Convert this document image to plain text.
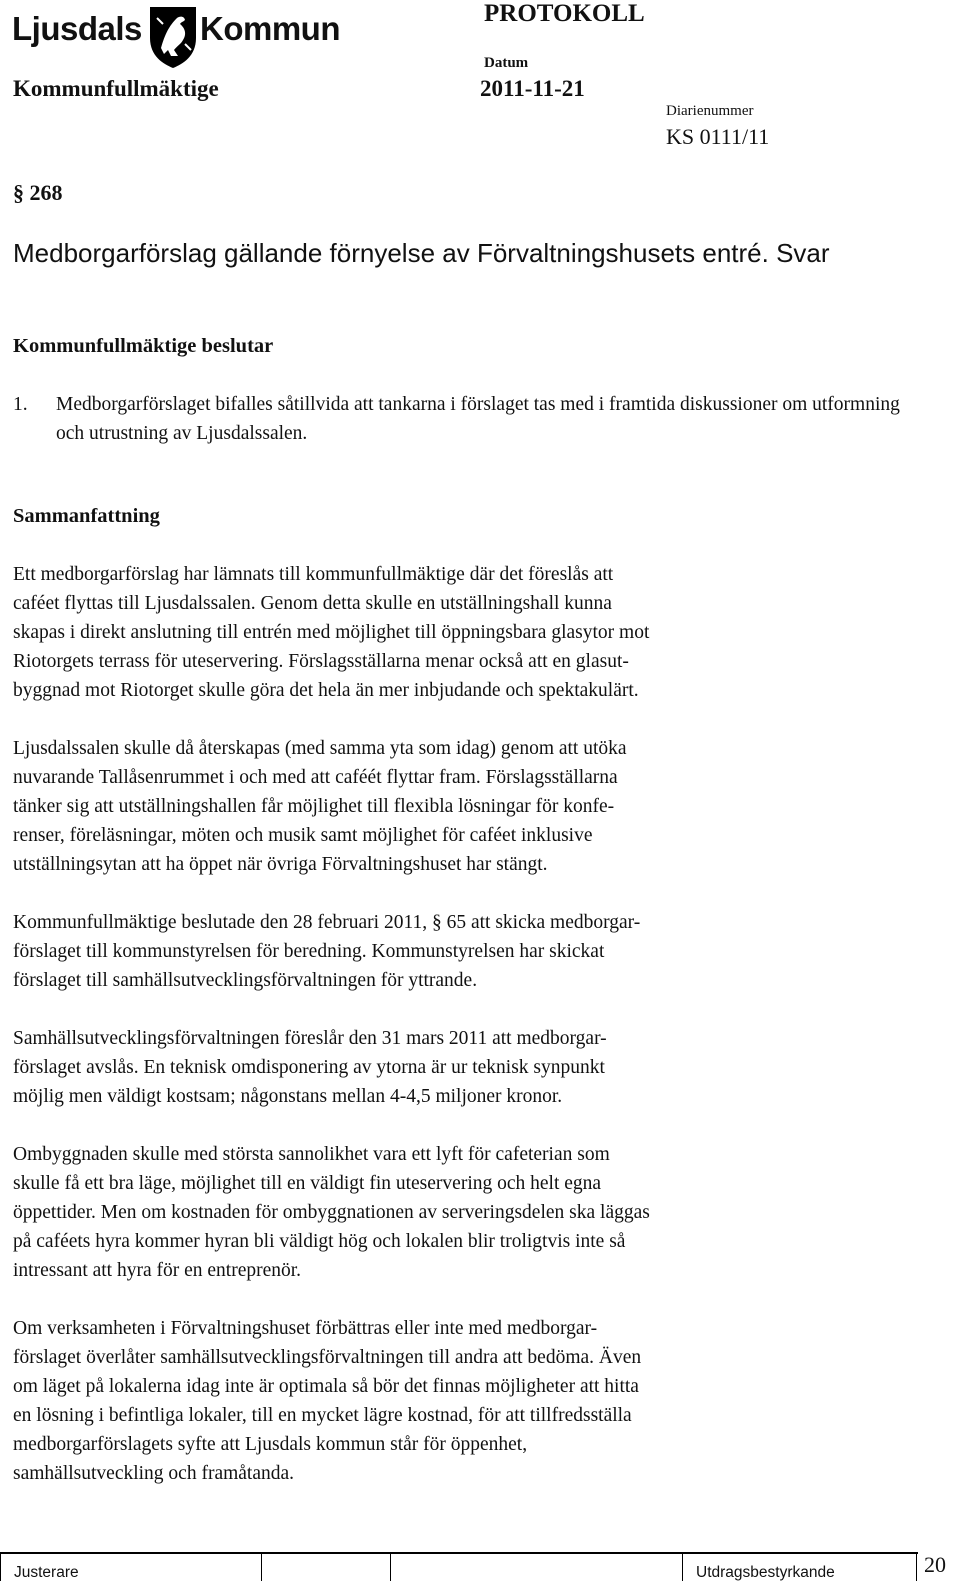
Ljusdals Kommun	PROTOKOLL
Datum
Kommunfullmäktige	2011-11-21
Diarienummer
KS 0111/11
§ 268
Medborgarförslag gällande förnyelse av Förvaltningshusets entré. Svar
Kommunfullmäktige beslutar
1. Medborgarförslaget bifalles såtillvida att tankarna i förslaget tas med i framtida diskussioner om utformning och utrustning av Ljusdalssalen.
Sammanfattning

Ett medborgarförslag har lämnats till kommunfullmäktige där det föreslås att
caféet flyttas till Ljusdalssalen. Genom detta skulle en utställningshall kunna
skapas i direkt anslutning till entrén med möjlighet till öppningsbara glasytor mot
Riotorgets terrass för uteservering. Förslagsställarna menar också att en glasut-
byggnad mot Riotorget skulle göra det hela än mer inbjudande och spektakulärt.

Ljusdalssalen skulle då återskapas (med samma yta som idag) genom att utöka
nuvarande Tallåsenrummet i och med att caféét flyttar fram. Förslagsställarna
tänker sig att utställningshallen får möjlighet till flexibla lösningar för konfe-
renser, föreläsningar, möten och musik samt möjlighet för caféet inklusive
utställningsytan att ha öppet när övriga Förvaltningshuset har stängt.

Kommunfullmäktige beslutade den 28 februari 2011, § 65 att skicka medborgar-
förslaget till kommunstyrelsen för beredning. Kommunstyrelsen har skickat
förslaget till samhällsutvecklingsförvaltningen för yttrande.

Samhällsutvecklingsförvaltningen föreslår den 31 mars 2011 att medborgar-
förslaget avslås. En teknisk omdisponering av ytorna är ur teknisk synpunkt
möjlig men väldigt kostsam; någonstans mellan 4-4,5 miljoner kronor.

Ombyggnaden skulle med största sannolikhet vara ett lyft för cafeterian som
skulle få ett bra läge, möjlighet till en väldigt fin uteservering och helt egna
öppettider. Men om kostnaden för ombyggnationen av serveringsdelen ska läggas
på caféets hyra kommer hyran bli väldigt hög och lokalen blir troligtvis inte så
intressant att hyra för en entreprenör.

Om verksamheten i Förvaltningshuset förbättras eller inte med medborgar-
förslaget överlåter samhällsutvecklingsförvaltningen till andra att bedöma. Även
om läget på lokalerna idag inte är optimala så bör det finnas möjligheter att hitta
en lösning i befintliga lokaler, till en mycket lägre kostnad, för att tillfredsställa
medborgarförslagets syfte att Ljusdals kommun står för öppenhet,
samhällsutveckling och framåtanda.

Justerare	Utdragsbestyrkande	20
